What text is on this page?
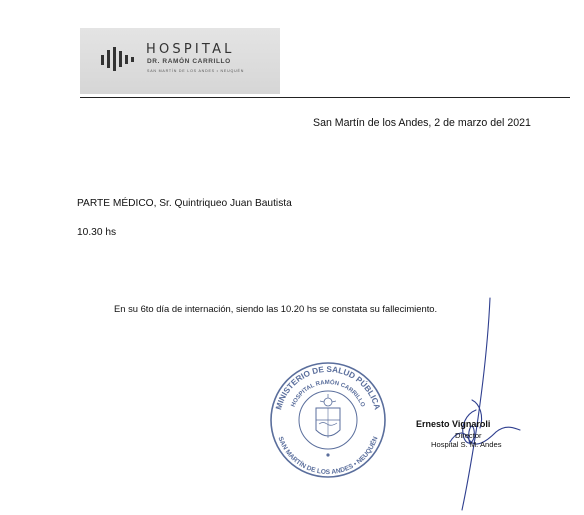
HOSPITAL
DR. RAMÓN CARRILLO
SAN MARTÍN DE LOS ANDES • NEUQUÉN
San Martín de los Andes, 2 de marzo del 2021
PARTE MÉDICO, Sr. Quintriqueo Juan Bautista
10.30 hs
En su 6to día de internación, siendo las 10.20 hs se constata su fallecimiento.
MINISTERIO DE SALUD PÚBLICA
HOSPITAL RAMÓN CARRILLO
SAN MARTÍN DE LOS ANDES • NEUQUÉN
Ernesto Vignaroli
Director
Hospital S. M. Andes
